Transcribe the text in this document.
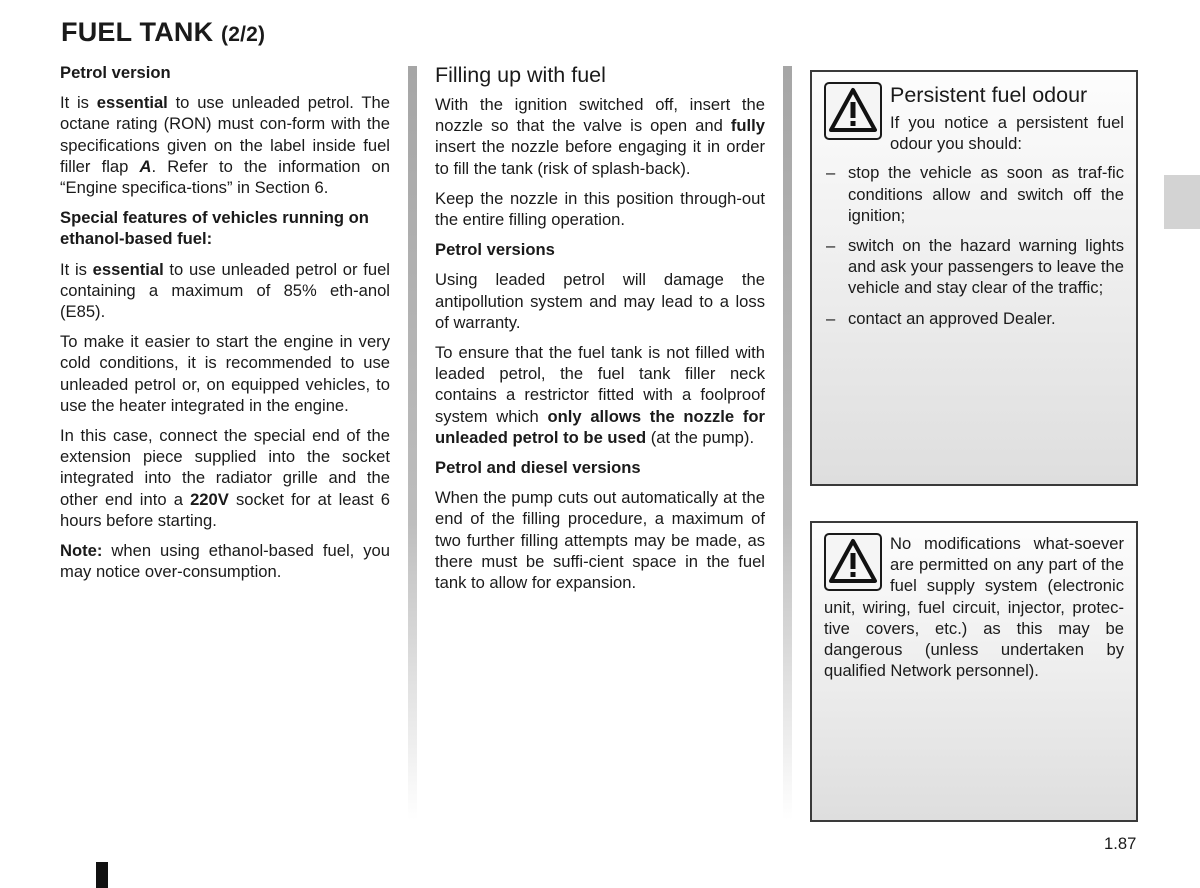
FUEL TANK (2/2)
Petrol version

It is essential to use unleaded petrol. The octane rating (RON) must con-form with the specifications given on the label inside fuel filler flap A. Refer to the information on “Engine specifica-tions” in Section 6.

Special features of vehicles running on ethanol-based fuel:

It is essential to use unleaded petrol or fuel containing a maximum of 85% eth-anol (E85).

To make it easier to start the engine in very cold conditions, it is recommended to use unleaded petrol or, on equipped vehicles, to use the heater integrated in the engine.

In this case, connect the special end of the extension piece supplied into the socket integrated into the radiator grille and the other end into a 220V socket for at least 6 hours before starting.

Note: when using ethanol-based fuel, you may notice over-consumption.

Filling up with fuel

With the ignition switched off, insert the nozzle so that the valve is open and fully insert the nozzle before engaging it in order to fill the tank (risk of splash-back).

Keep the nozzle in this position through-out the entire filling operation.

Petrol versions

Using leaded petrol will damage the antipollution system and may lead to a loss of warranty.

To ensure that the fuel tank is not filled with leaded petrol, the fuel tank filler neck contains a restrictor fitted with a foolproof system which only allows the nozzle for unleaded petrol to be used (at the pump).

Petrol and diesel versions

When the pump cuts out automatically at the end of the filling procedure, a maximum of two further filling attempts may be made, as there must be suffi-cient space in the fuel tank to allow for expansion.

Persistent fuel odour

If you notice a persistent fuel odour you should:

– stop the vehicle as soon as traf-fic conditions allow and switch off the ignition;
– switch on the hazard warning lights and ask your passengers to leave the vehicle and stay clear of the traffic;
– contact an approved Dealer.

No modifications what-soever are permitted on any part of the fuel supply system (electronic unit, wiring, fuel circuit, injector, protec-tive covers, etc.) as this may be dangerous (unless undertaken by qualified Network personnel).

1.87
